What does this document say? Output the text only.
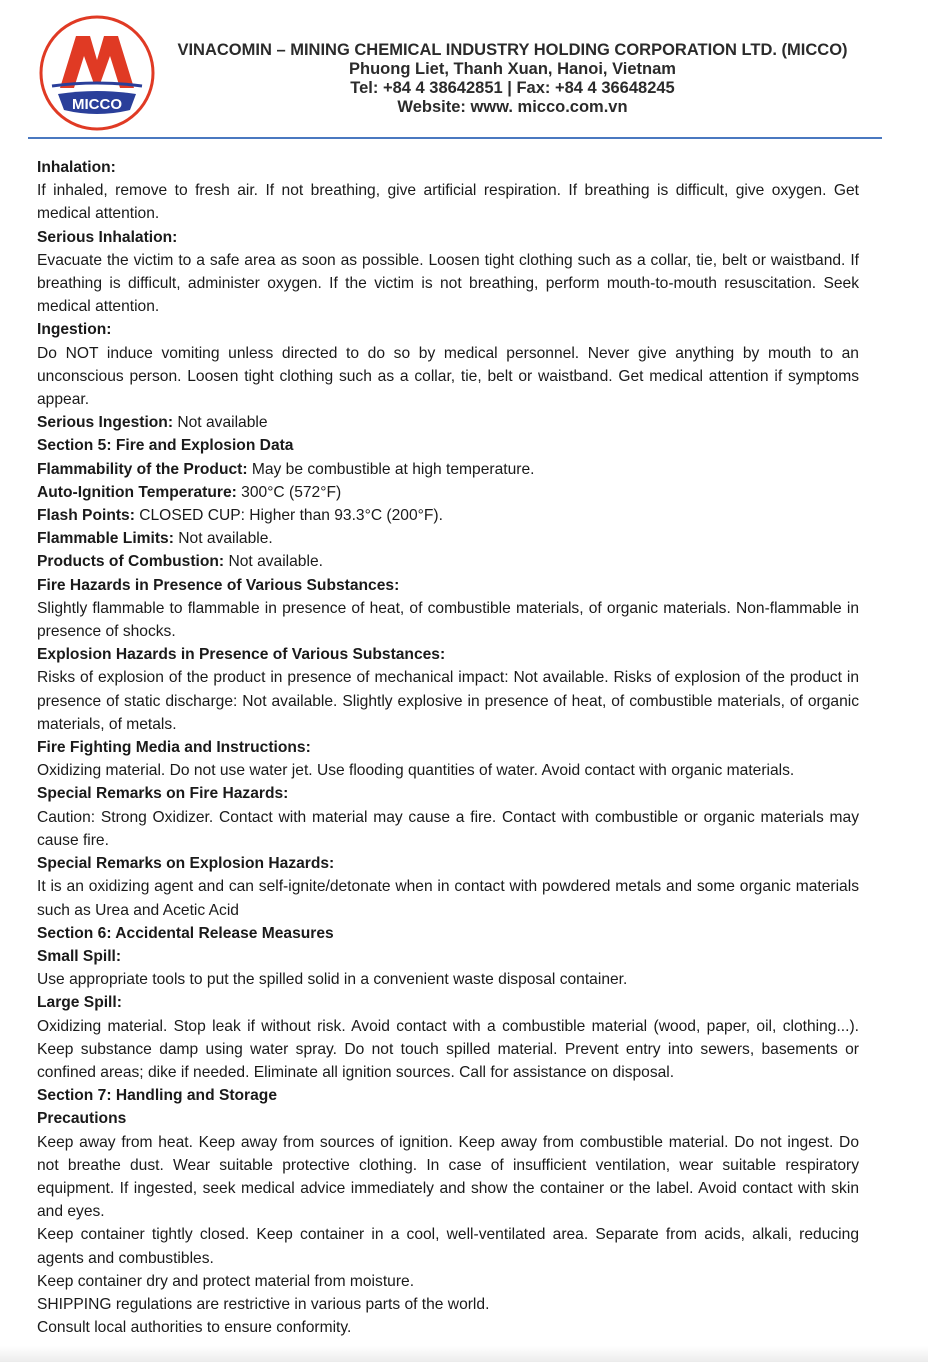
MICCO
VINACOMIN – MINING CHEMICAL INDUSTRY HOLDING CORPORATION LTD. (MICCO)
Phuong Liet, Thanh Xuan, Hanoi, Vietnam
Tel: +84 4 38642851 | Fax: +84 4 36648245
Website: www. micco.com.vn

Inhalation:

If inhaled, remove to fresh air. If not breathing, give artificial respiration. If breathing is difficult, give oxygen. Get medical attention.

Serious Inhalation:

Evacuate the victim to a safe area as soon as possible. Loosen tight clothing such as a collar, tie, belt or waistband. If breathing is difficult, administer oxygen. If the victim is not breathing, perform mouth-to-mouth resuscitation. Seek medical attention.

Ingestion:

Do NOT induce vomiting unless directed to do so by medical personnel. Never give anything by mouth to an unconscious person. Loosen tight clothing such as a collar, tie, belt or waistband. Get medical attention if symptoms appear.

Serious Ingestion: Not available

Section 5: Fire and Explosion Data

Flammability of the Product: May be combustible at high temperature.

Auto-Ignition Temperature: 300°C (572°F)

Flash Points: CLOSED CUP: Higher than 93.3°C (200°F).

Flammable Limits: Not available.

Products of Combustion: Not available.

Fire Hazards in Presence of Various Substances:

Slightly flammable to flammable in presence of heat, of combustible materials, of organic materials. Non-flammable in presence of shocks.

Explosion Hazards in Presence of Various Substances:

Risks of explosion of the product in presence of mechanical impact: Not available. Risks of explosion of the product in presence of static discharge: Not available. Slightly explosive in presence of heat, of combustible materials, of organic materials, of metals.

Fire Fighting Media and Instructions:

Oxidizing material. Do not use water jet. Use flooding quantities of water. Avoid contact with organic materials.

Special Remarks on Fire Hazards:

Caution: Strong Oxidizer. Contact with material may cause a fire. Contact with combustible or organic materials may cause fire.

Special Remarks on Explosion Hazards:

It is an oxidizing agent and can self-ignite/detonate when in contact with powdered metals and some organic materials such as Urea and Acetic Acid

Section 6: Accidental Release Measures

Small Spill:

Use appropriate tools to put the spilled solid in a convenient waste disposal container.

Large Spill:

Oxidizing material. Stop leak if without risk. Avoid contact with a combustible material (wood, paper, oil, clothing...). Keep substance damp using water spray. Do not touch spilled material. Prevent entry into sewers, basements or confined areas; dike if needed. Eliminate all ignition sources. Call for assistance on disposal.

Section 7: Handling and Storage

Precautions

Keep away from heat. Keep away from sources of ignition. Keep away from combustible material. Do not ingest. Do not breathe dust. Wear suitable protective clothing. In case of insufficient ventilation, wear suitable respiratory equipment. If ingested, seek medical advice immediately and show the container or the label. Avoid contact with skin and eyes.

Keep container tightly closed. Keep container in a cool, well-ventilated area. Separate from acids, alkali, reducing agents and combustibles.

Keep container dry and protect material from moisture.

SHIPPING regulations are restrictive in various parts of the world.

Consult local authorities to ensure conformity.
